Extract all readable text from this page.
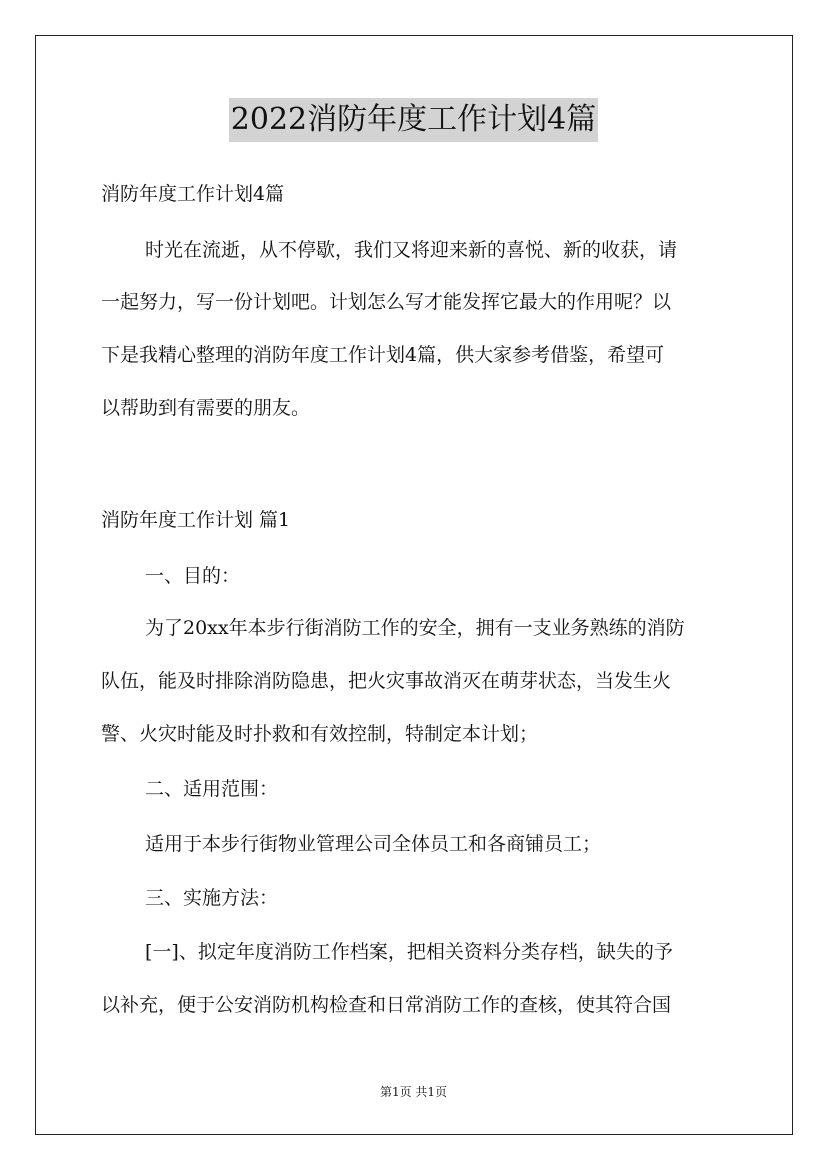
2022消防年度工作计划4篇
消防年度工作计划4篇
时光在流逝，从不停歇，我们又将迎来新的喜悦、新的收获，请
一起努力，写一份计划吧。计划怎么写才能发挥它最大的作用呢？以
下是我精心整理的消防年度工作计划4篇，供大家参考借鉴，希望可
以帮助到有需要的朋友。
消防年度工作计划 篇1
一、目的：
为了20xx年本步行街消防工作的安全，拥有一支业务熟练的消防
队伍，能及时排除消防隐患，把火灾事故消灭在萌芽状态，当发生火
警、火灾时能及时扑救和有效控制，特制定本计划；
二、适用范围：
适用于本步行街物业管理公司全体员工和各商铺员工；
三、实施方法：
[一]、拟定年度消防工作档案，把相关资料分类存档，缺失的予
以补充，便于公安消防机构检查和日常消防工作的查核，使其符合国
第1页 共1页
